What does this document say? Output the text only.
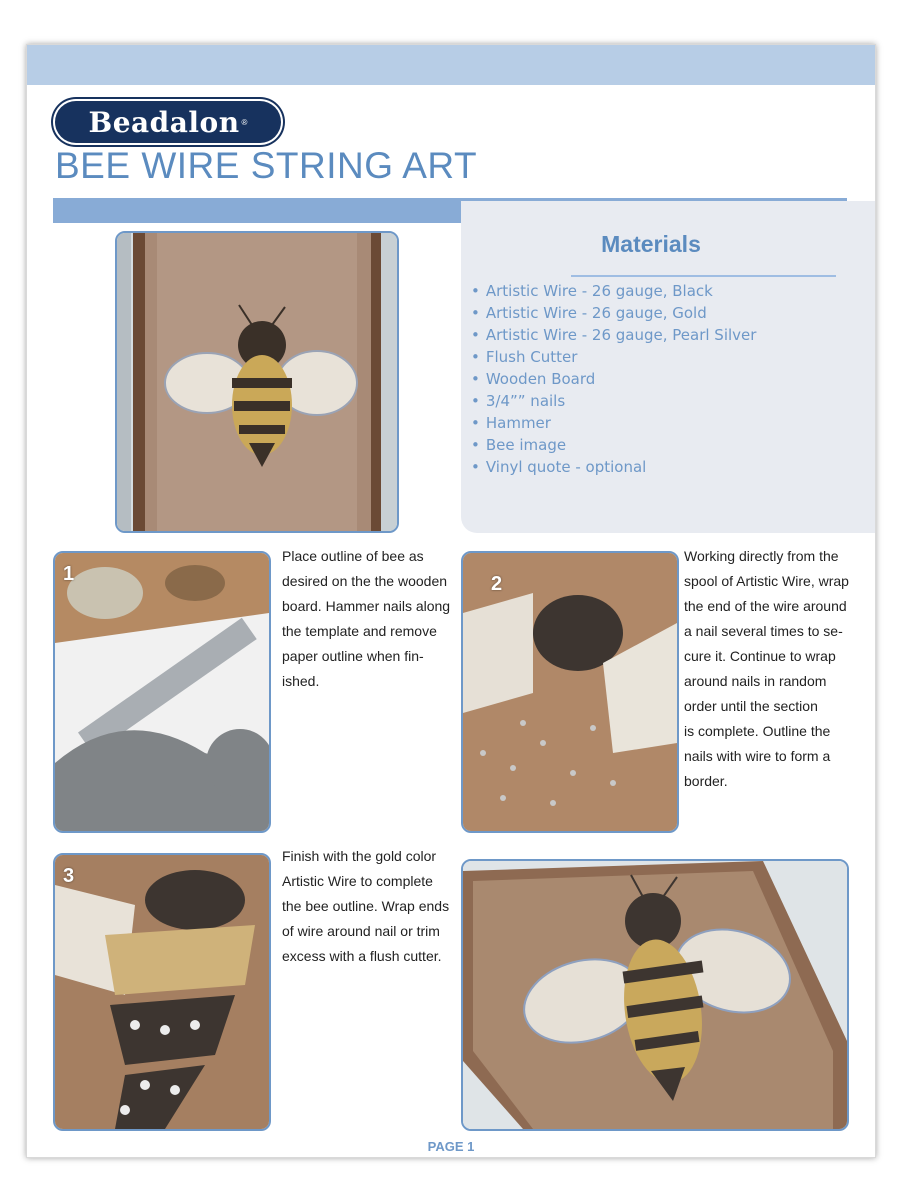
Beadalon ®
BEE WIRE STRING ART
Materials
• Artistic Wire - 26 gauge, Black
• Artistic Wire - 26 gauge, Gold
• Artistic Wire - 26 gauge, Pearl Silver
• Flush Cutter
• Wooden Board
• 3/4”” nails
• Hammer
• Bee image
• Vinyl quote - optional
1
Place outline of bee as
desired on the the wooden
board. Hammer nails along
the template and remove
paper outline when fin-
ished.
2
Working directly from the
spool of Artistic Wire, wrap
the end of the wire around
a nail several times to se-
cure it. Continue to wrap
around nails in random
order until the section
is complete. Outline the
nails with wire to form a
border.
3
Finish with the gold color
Artistic Wire to complete
the bee outline. Wrap ends
of wire around nail or trim
excess with a flush cutter.
PAGE 1
